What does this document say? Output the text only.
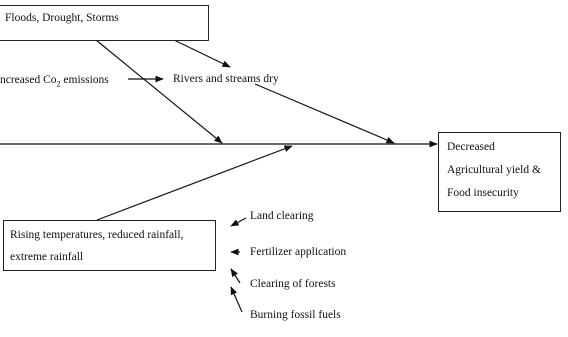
Floods, Drought, Storms
ncreased $Co_2$ emissions	Rivers and streams dry
Decreased
Agricultural yield &
Food insecurity
Rising temperatures, reduced rainfall,
extreme rainfall
Land clearing
Fertilizer application
Clearing of forests
Burning fossil fuels
